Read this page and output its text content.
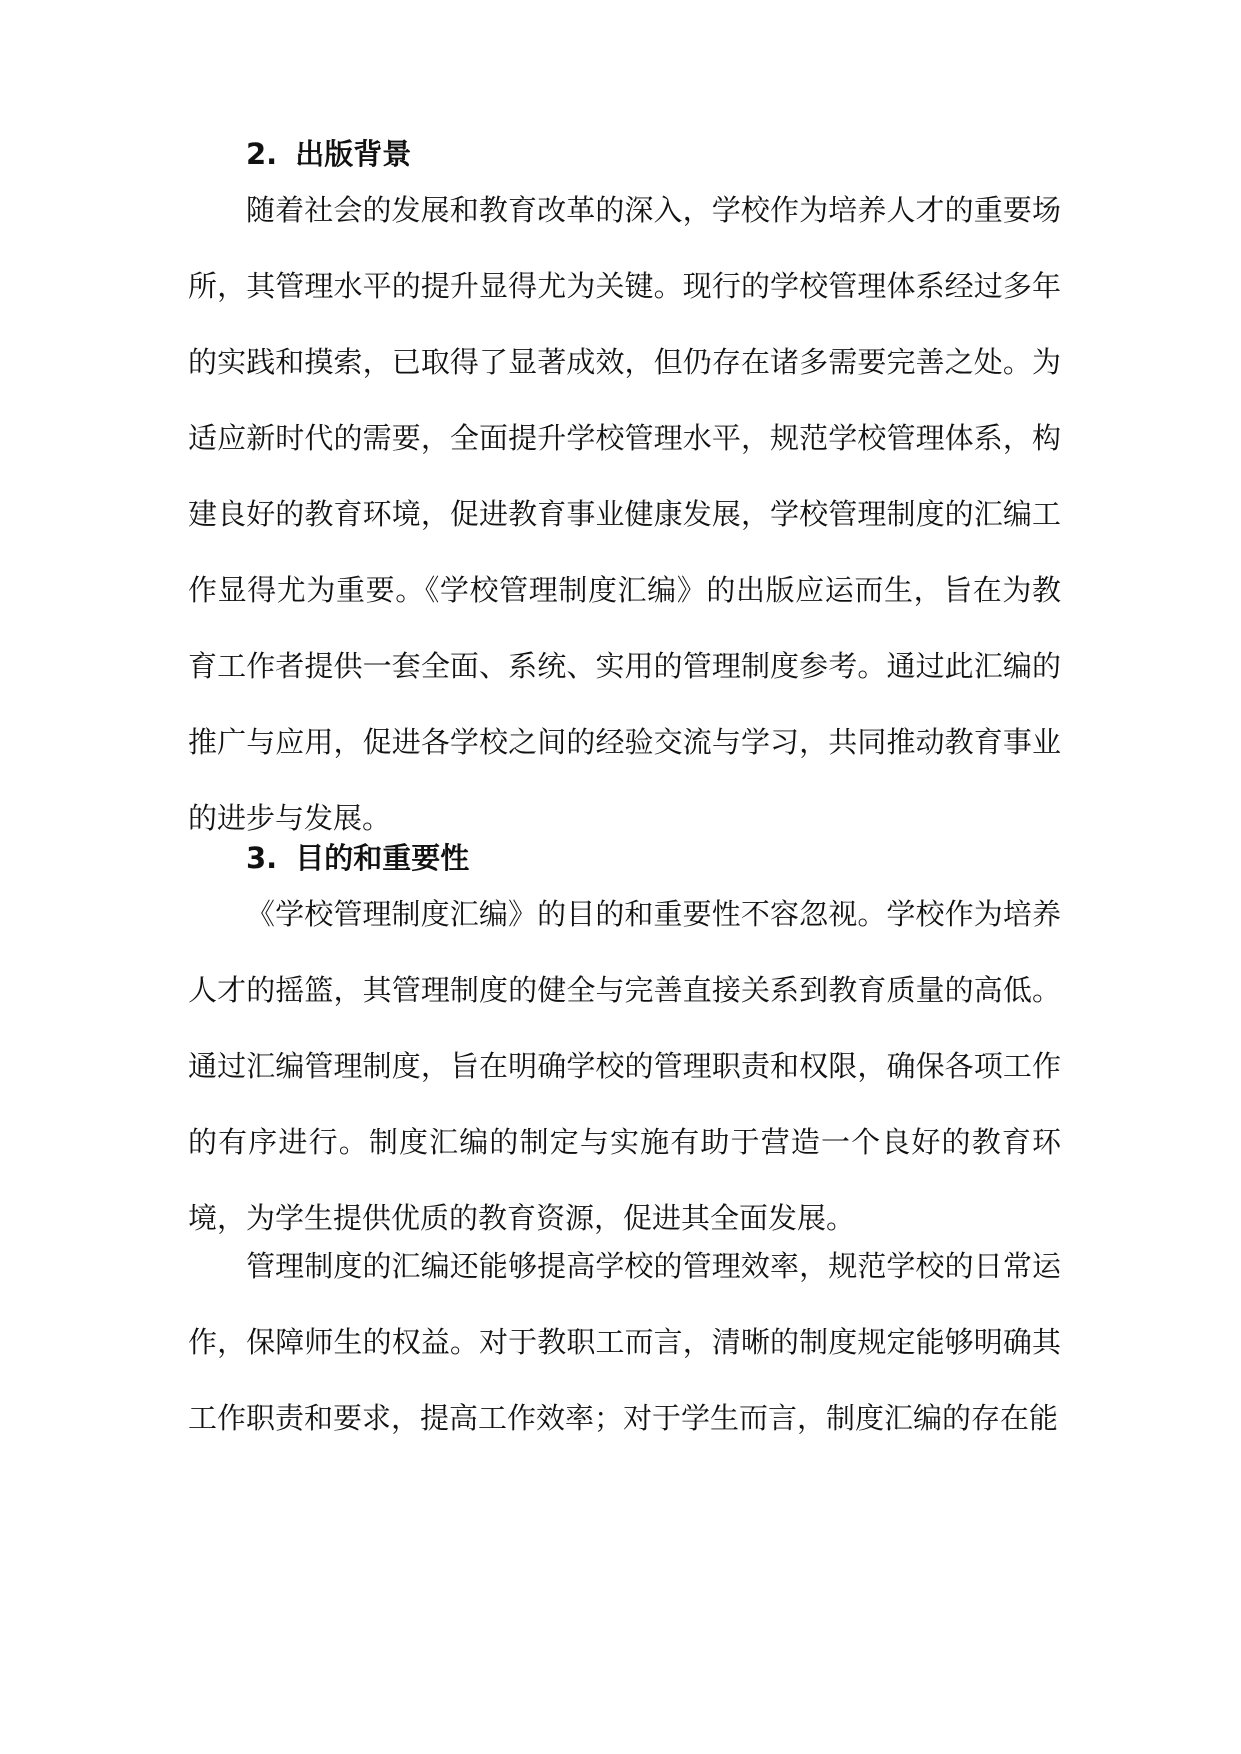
2. 出版背景

随着社会的发展和教育改革的深入，学校作为培养人才的重要场所，其管理水平的提升显得尤为关键。现行的学校管理体系经过多年的实践和摸索，已取得了显著成效，但仍存在诸多需要完善之处。为适应新时代的需要，全面提升学校管理水平，规范学校管理体系，构建良好的教育环境，促进教育事业健康发展，学校管理制度的汇编工作显得尤为重要。《学校管理制度汇编》的出版应运而生，旨在为教育工作者提供一套全面、系统、实用的管理制度参考。通过此汇编的推广与应用，促进各学校之间的经验交流与学习，共同推动教育事业的进步与发展。

3. 目的和重要性

《学校管理制度汇编》的目的和重要性不容忽视。学校作为培养人才的摇篮，其管理制度的健全与完善直接关系到教育质量的高低。通过汇编管理制度，旨在明确学校的管理职责和权限，确保各项工作的有序进行。制度汇编的制定与实施有助于营造一个良好的教育环境，为学生提供优质的教育资源，促进其全面发展。

管理制度的汇编还能够提高学校的管理效率，规范学校的日常运作，保障师生的权益。对于教职工而言，清晰的制度规定能够明确其工作职责和要求，提高工作效率；对于学生而言，制度汇编的存在能
